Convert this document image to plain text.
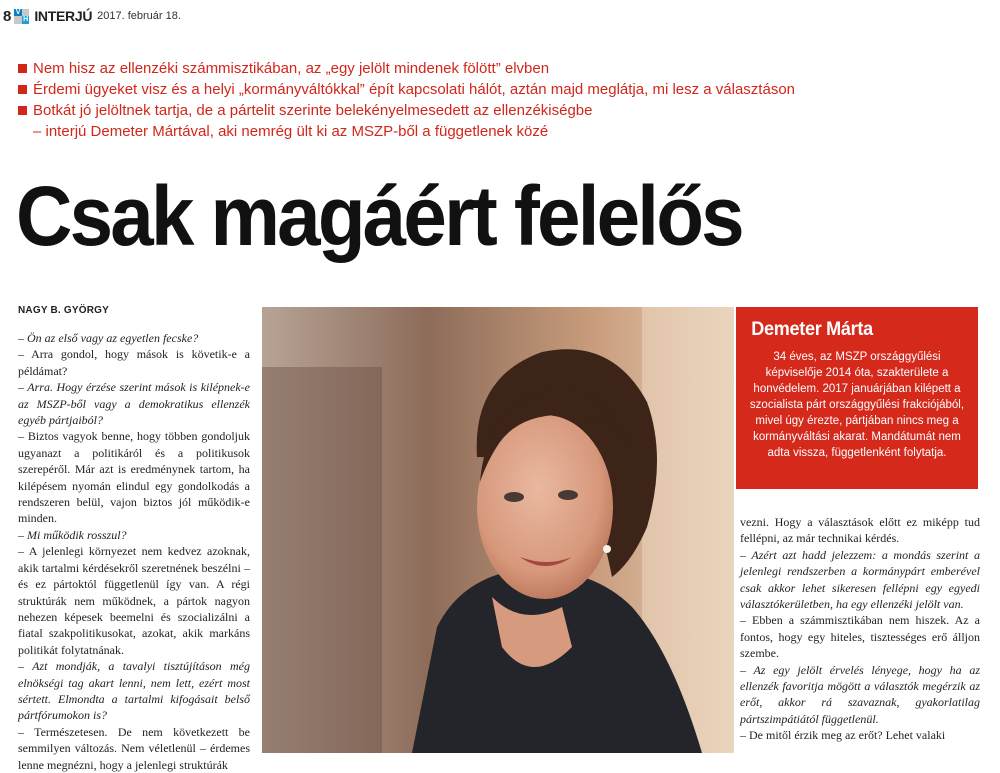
8 V
H INTERJÚ 2017. február 18.
Nem hisz az ellenzéki számmisztikában, az „egy jelölt mindenek fölött” elvben
Érdemi ügyeket visz és a helyi „kormányváltókkal” épít kapcsolati hálót, aztán majd meglátja, mi lesz a választáson
Botkát jó jelöltnek tartja, de a pártelit szerinte belekényelmesedett az ellenzékiségbe
– interjú Demeter Mártával, aki nemrég ült ki az MSZP-ből a függetlenek közé
Csak magáért felelős
NAGY B. GYÖRGY

– Ön az első vagy az egyetlen fecske?

– Arra gondol, hogy mások is követik-e a példámat?

– Arra. Hogy érzése szerint mások is kilépnek-e az MSZP-ből vagy a demokratikus ellenzék egyéb pártjaiból?

– Biztos vagyok benne, hogy többen gondoljuk ugyanazt a politikáról és a politikusok szerepéről. Már azt is eredménynek tartom, ha kilépésem nyomán elindul egy gondolkodás a rendszeren belül, vajon biztos jól működik-e minden.

– Mi működik rosszul?

– A jelenlegi környezet nem kedvez azoknak, akik tartalmi kérdésekről szeretnének beszélni – és ez pártoktól függetlenül így van. A régi struktúrák nem működnek, a pártok nagyon nehezen képesek beemelni és szocializálni a fiatal szakpolitikusokat, azokat, akik markáns politikát folytatnának.

– Azt mondják, a tavalyi tisztújításon még elnökségi tag akart lenni, nem lett, ezért most sértett. Elmondta a tartalmi kifogásait belső pártfórumokon is?

– Természetesen. De nem következett be semmilyen változás. Nem véletlenül – érdemes lenne megnézni, hogy a jelenlegi struktúrák

Demeter Márta
34 éves, az MSZP országgyűlési képviselője 2014 óta, szakterülete a honvédelem. 2017 januárjában kilépett a szocialista párt országgyűlési frakciójából, mivel úgy érezte, pártjában nincs meg a kormányváltási akarat. Mandátumát nem adta vissza, függetlenként folytatja.

vezni. Hogy a választások előtt ez miképp tud fellépni, az már technikai kérdés.

– Azért azt hadd jelezzem: a mondás szerint a jelenlegi rendszerben a kormánypárt emberével csak akkor lehet sikeresen fellépni egy egyedi választókerületben, ha egy ellenzéki jelölt van.

– Ebben a számmisztikában nem hiszek. Az a fontos, hogy egy hiteles, tisztességes erő álljon szembe.

– Az egy jelölt érvelés lényege, hogy ha az ellenzék favoritja mögött a választók megérzik az erőt, akkor rá szavaznak, gyakorlatilag pártszimpátiától függetlenül.

– De mitől érzik meg az erőt? Lehet valaki
